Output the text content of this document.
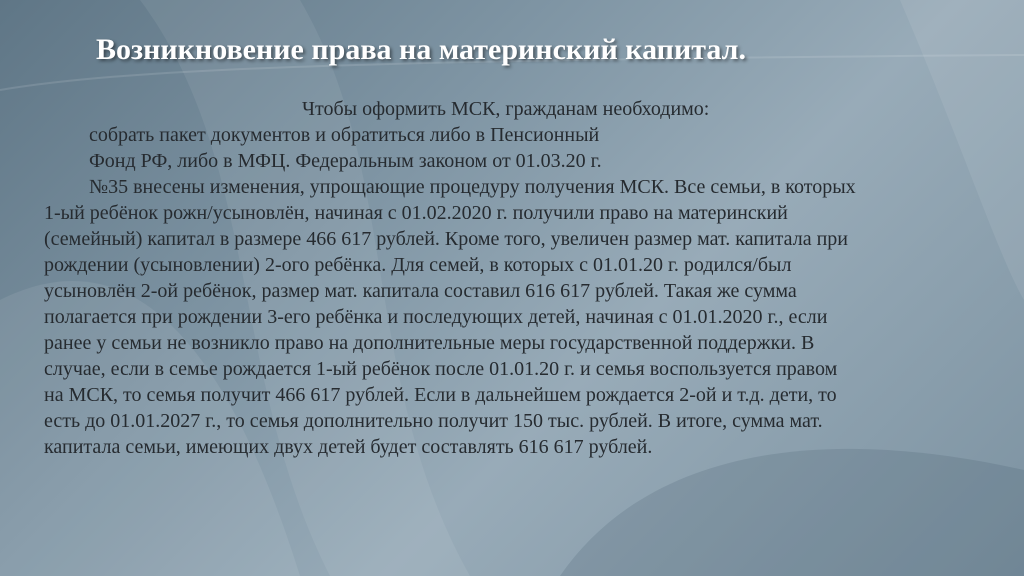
Возникновение права на материнский капитал.
Чтобы оформить МСК, гражданам необходимо:
собрать пакет документов и обратиться либо в Пенсионный
Фонд РФ, либо в МФЦ. Федеральным законом от 01.03.20 г.
№35 внесены изменения, упрощающие процедуру получения МСК. Все семьи, в которых
1-ый ребёнок рожн/усыновлён, начиная с 01.02.2020 г. получили право на материнский
(семейный) капитал в размере 466 617 рублей. Кроме того, увеличен размер мат. капитала при
рождении (усыновлении) 2-ого ребёнка. Для семей, в которых с 01.01.20 г. родился/был
усыновлён 2-ой ребёнок, размер мат. капитала составил 616 617 рублей. Такая же сумма
полагается при рождении 3-его ребёнка и последующих детей, начиная с 01.01.2020 г., если
ранее у семьи не возникло право на дополнительные меры государственной поддержки. В
случае, если в семье рождается 1-ый ребёнок после 01.01.20 г. и семья воспользуется правом
на МСК, то семья получит 466 617 рублей. Если в дальнейшем рождается 2-ой и т.д. дети, то
есть до 01.01.2027 г., то семья дополнительно получит 150 тыс. рублей. В итоге, сумма мат.
капитала семьи, имеющих двух детей будет составлять 616 617 рублей.
